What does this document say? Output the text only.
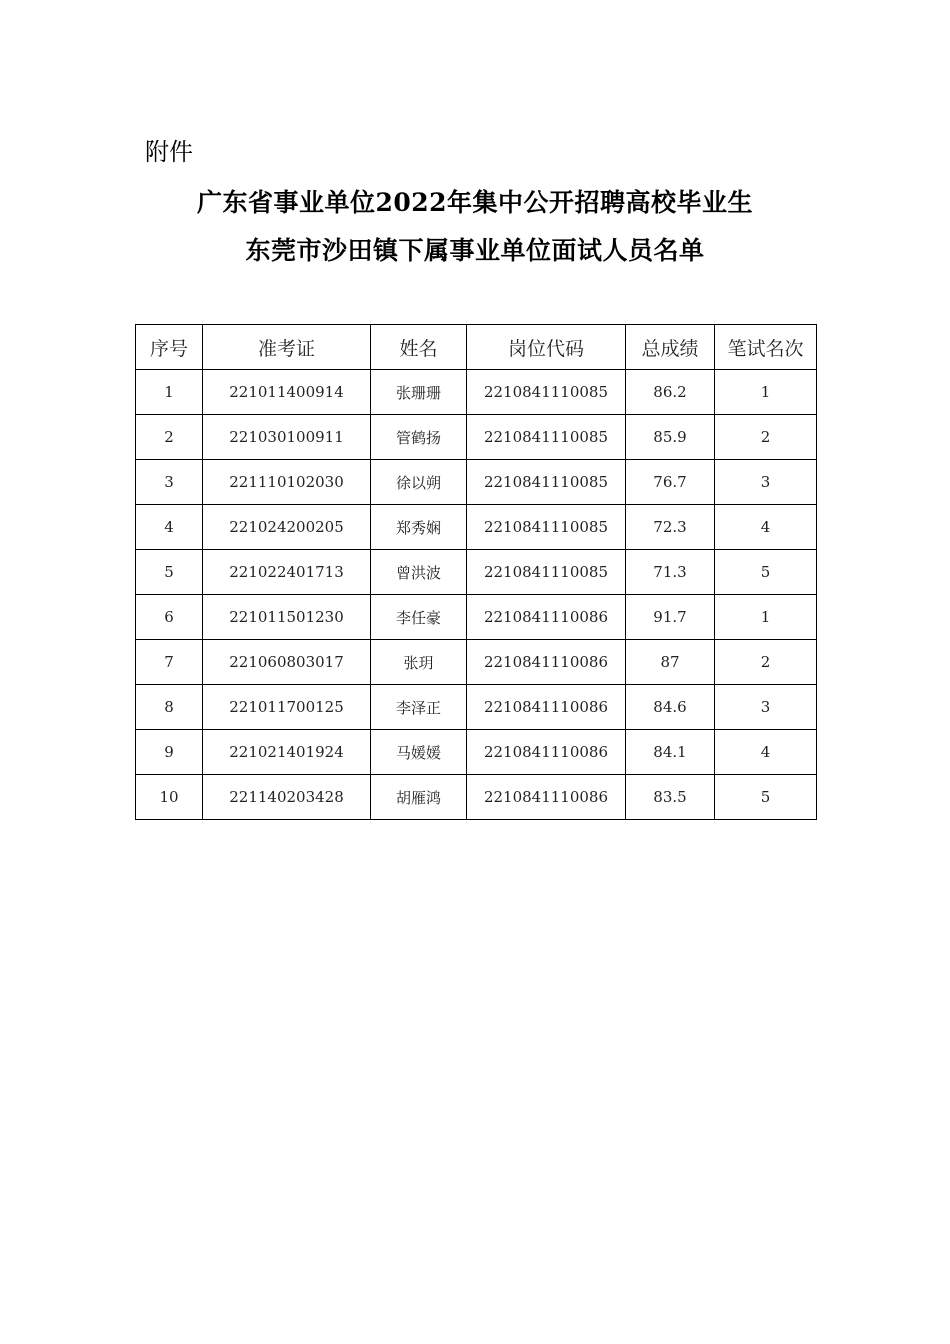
附件
广东省事业单位2022年集中公开招聘高校毕业生
东莞市沙田镇下属事业单位面试人员名单
序号	准考证	姓名	岗位代码	总成绩	笔试名次
1	221011400914	张珊珊	2210841110085	86.2	1
2	221030100911	管鹤扬	2210841110085	85.9	2
3	221110102030	徐以朔	2210841110085	76.7	3
4	221024200205	郑秀娴	2210841110085	72.3	4
5	221022401713	曾洪波	2210841110085	71.3	5
6	221011501230	李任豪	2210841110086	91.7	1
7	221060803017	张玥	2210841110086	87	2
8	221011700125	李泽正	2210841110086	84.6	3
9	221021401924	马媛媛	2210841110086	84.1	4
10	221140203428	胡雁鸿	2210841110086	83.5	5
